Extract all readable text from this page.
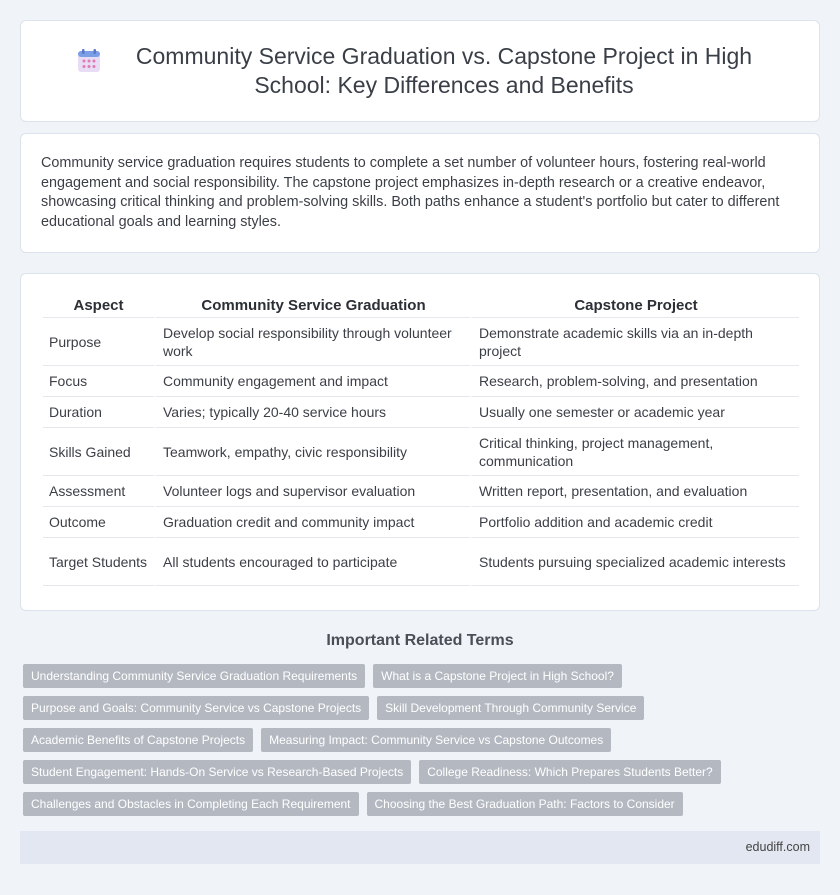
Community Service Graduation vs. Capstone Project in High School: Key Differences and Benefits

Community service graduation requires students to complete a set number of volunteer hours, fostering real-world engagement and social responsibility. The capstone project emphasizes in-depth research or a creative endeavor, showcasing critical thinking and problem-solving skills. Both paths enhance a student's portfolio but cater to different educational goals and learning styles.

Aspect	Community Service Graduation	Capstone Project
Purpose	Develop social responsibility through volunteer work	Demonstrate academic skills via an in-depth project
Focus	Community engagement and impact	Research, problem-solving, and presentation
Duration	Varies; typically 20-40 service hours	Usually one semester or academic year
Skills Gained	Teamwork, empathy, civic responsibility	Critical thinking, project management, communication
Assessment	Volunteer logs and supervisor evaluation	Written report, presentation, and evaluation
Outcome	Graduation credit and community impact	Portfolio addition and academic credit
Target Students	All students encouraged to participate	Students pursuing specialized academic interests
Important Related Terms
Understanding Community Service Graduation Requirements	What is a Capstone Project in High School?
Purpose and Goals: Community Service vs Capstone Projects	Skill Development Through Community Service
Academic Benefits of Capstone Projects	Measuring Impact: Community Service vs Capstone Outcomes
Student Engagement: Hands-On Service vs Research-Based Projects	College Readiness: Which Prepares Students Better?
Challenges and Obstacles in Completing Each Requirement	Choosing the Best Graduation Path: Factors to Consider
edudiff.com
